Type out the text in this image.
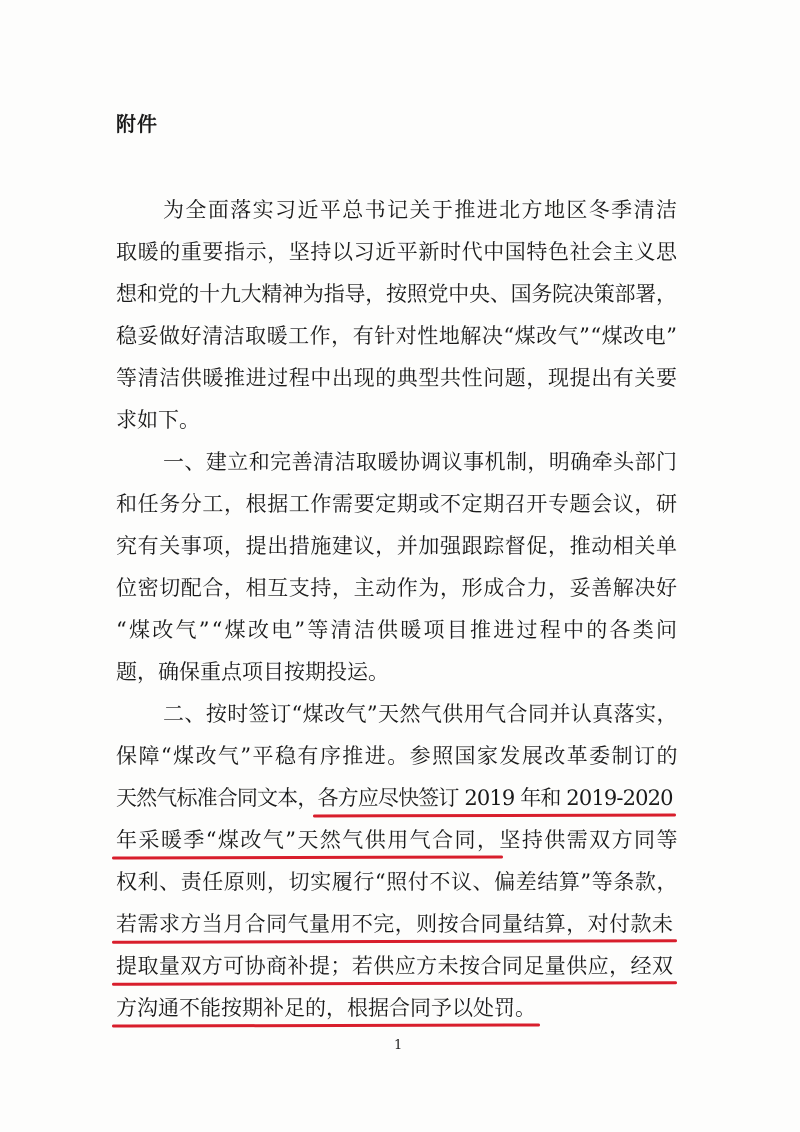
附件
为全面落实习近平总书记关于推进北方地区冬季清洁
取暖的重要指示，坚持以习近平新时代中国特色社会主义思
想和党的十九大精神为指导，按照党中央、国务院决策部署，
稳妥做好清洁取暖工作，有针对性地解决“煤改气”“煤改电”
等清洁供暖推进过程中出现的典型共性问题，现提出有关要
求如下。
一、建立和完善清洁取暖协调议事机制，明确牵头部门
和任务分工，根据工作需要定期或不定期召开专题会议，研
究有关事项，提出措施建议，并加强跟踪督促，推动相关单
位密切配合，相互支持，主动作为，形成合力，妥善解决好
“煤改气”“煤改电”等清洁供暖项目推进过程中的各类问
题，确保重点项目按期投运。
二、按时签订“煤改气”天然气供用气合同并认真落实，
保障“煤改气”平稳有序推进。参照国家发展改革委制订的
天然气标准合同文本，各方应尽快签订 2019 年和 2019-2020
年采暖季“煤改气”天然气供用气合同，坚持供需双方同等
权利、责任原则，切实履行“照付不议、偏差结算”等条款，
若需求方当月合同气量用不完，则按合同量结算，对付款未
提取量双方可协商补提；若供应方未按合同足量供应，经双
方沟通不能按期补足的，根据合同予以处罚。
1
